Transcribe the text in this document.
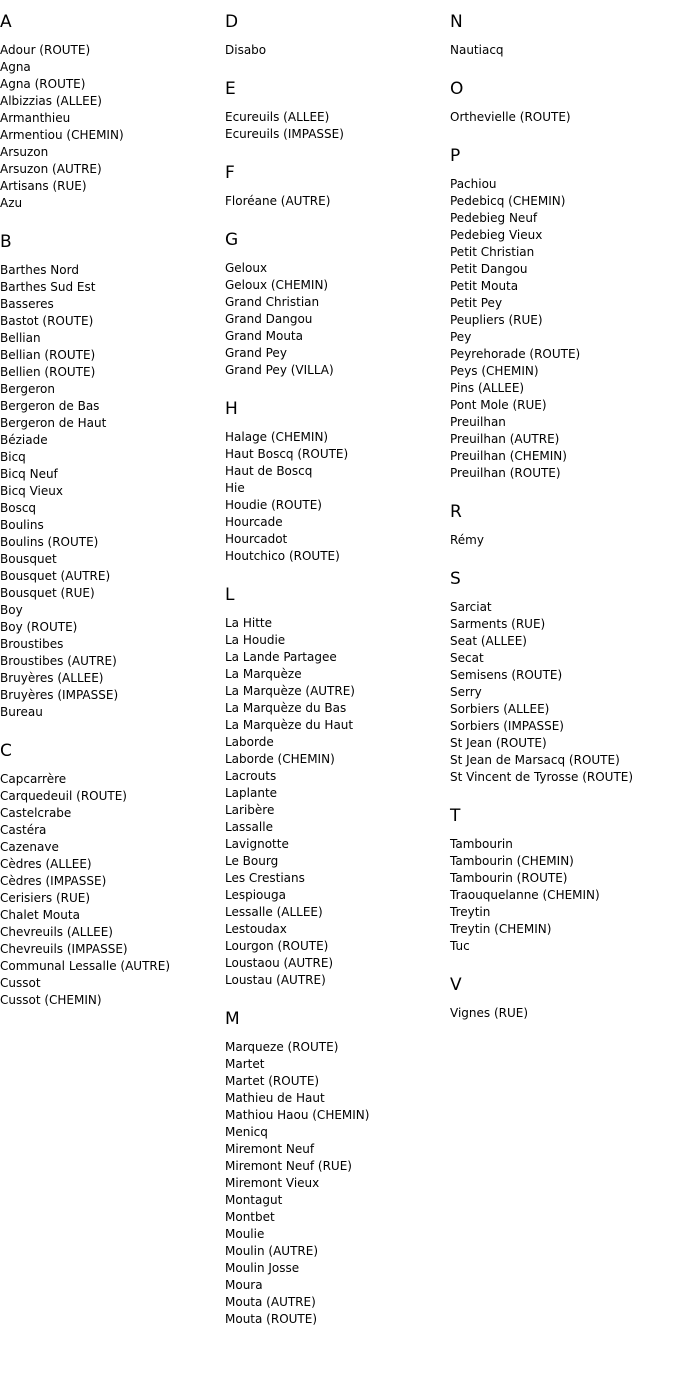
A
Adour (ROUTE)
Agna
Agna (ROUTE)
Albizzias (ALLEE)
Armanthieu
Armentiou (CHEMIN)
Arsuzon
Arsuzon (AUTRE)
Artisans (RUE)
Azu
B
Barthes Nord
Barthes Sud Est
Basseres
Bastot (ROUTE)
Bellian
Bellian (ROUTE)
Bellien (ROUTE)
Bergeron
Bergeron de Bas
Bergeron de Haut
Béziade
Bicq
Bicq Neuf
Bicq Vieux
Boscq
Boulins
Boulins (ROUTE)
Bousquet
Bousquet (AUTRE)
Bousquet (RUE)
Boy
Boy (ROUTE)
Broustibes
Broustibes (AUTRE)
Bruyères (ALLEE)
Bruyères (IMPASSE)
Bureau
C
Capcarrère
Carquedeuil (ROUTE)
Castelcrabe
Castéra
Cazenave
Cèdres (ALLEE)
Cèdres (IMPASSE)
Cerisiers (RUE)
Chalet Mouta
Chevreuils (ALLEE)
Chevreuils (IMPASSE)
Communal Lessalle (AUTRE)
Cussot
Cussot (CHEMIN)
D
Disabo
E
Ecureuils (ALLEE)
Ecureuils (IMPASSE)
F
Floréane (AUTRE)
G
Geloux
Geloux (CHEMIN)
Grand Christian
Grand Dangou
Grand Mouta
Grand Pey
Grand Pey (VILLA)
H
Halage (CHEMIN)
Haut Boscq (ROUTE)
Haut de Boscq
Hie
Houdie (ROUTE)
Hourcade
Hourcadot
Houtchico (ROUTE)
L
La Hitte
La Houdie
La Lande Partagee
La Marquèze
La Marquèze (AUTRE)
La Marquèze du Bas
La Marquèze du Haut
Laborde
Laborde (CHEMIN)
Lacrouts
Laplante
Laribère
Lassalle
Lavignotte
Le Bourg
Les Crestians
Lespiouga
Lessalle (ALLEE)
Lestoudax
Lourgon (ROUTE)
Loustaou (AUTRE)
Loustau (AUTRE)
M
Marqueze (ROUTE)
Martet
Martet (ROUTE)
Mathieu de Haut
Mathiou Haou (CHEMIN)
Menicq
Miremont Neuf
Miremont Neuf (RUE)
Miremont Vieux
Montagut
Montbet
Moulie
Moulin (AUTRE)
Moulin Josse
Moura
Mouta (AUTRE)
Mouta (ROUTE)
N
Nautiacq
O
Orthevielle (ROUTE)
P
Pachiou
Pedebicq (CHEMIN)
Pedebieg Neuf
Pedebieg Vieux
Petit Christian
Petit Dangou
Petit Mouta
Petit Pey
Peupliers (RUE)
Pey
Peyrehorade (ROUTE)
Peys (CHEMIN)
Pins (ALLEE)
Pont Mole (RUE)
Preuilhan
Preuilhan (AUTRE)
Preuilhan (CHEMIN)
Preuilhan (ROUTE)
R
Rémy
S
Sarciat
Sarments (RUE)
Seat (ALLEE)
Secat
Semisens (ROUTE)
Serry
Sorbiers (ALLEE)
Sorbiers (IMPASSE)
St Jean (ROUTE)
St Jean de Marsacq (ROUTE)
St Vincent de Tyrosse (ROUTE)
T
Tambourin
Tambourin (CHEMIN)
Tambourin (ROUTE)
Traouquelanne (CHEMIN)
Treytin
Treytin (CHEMIN)
Tuc
V
Vignes (RUE)
